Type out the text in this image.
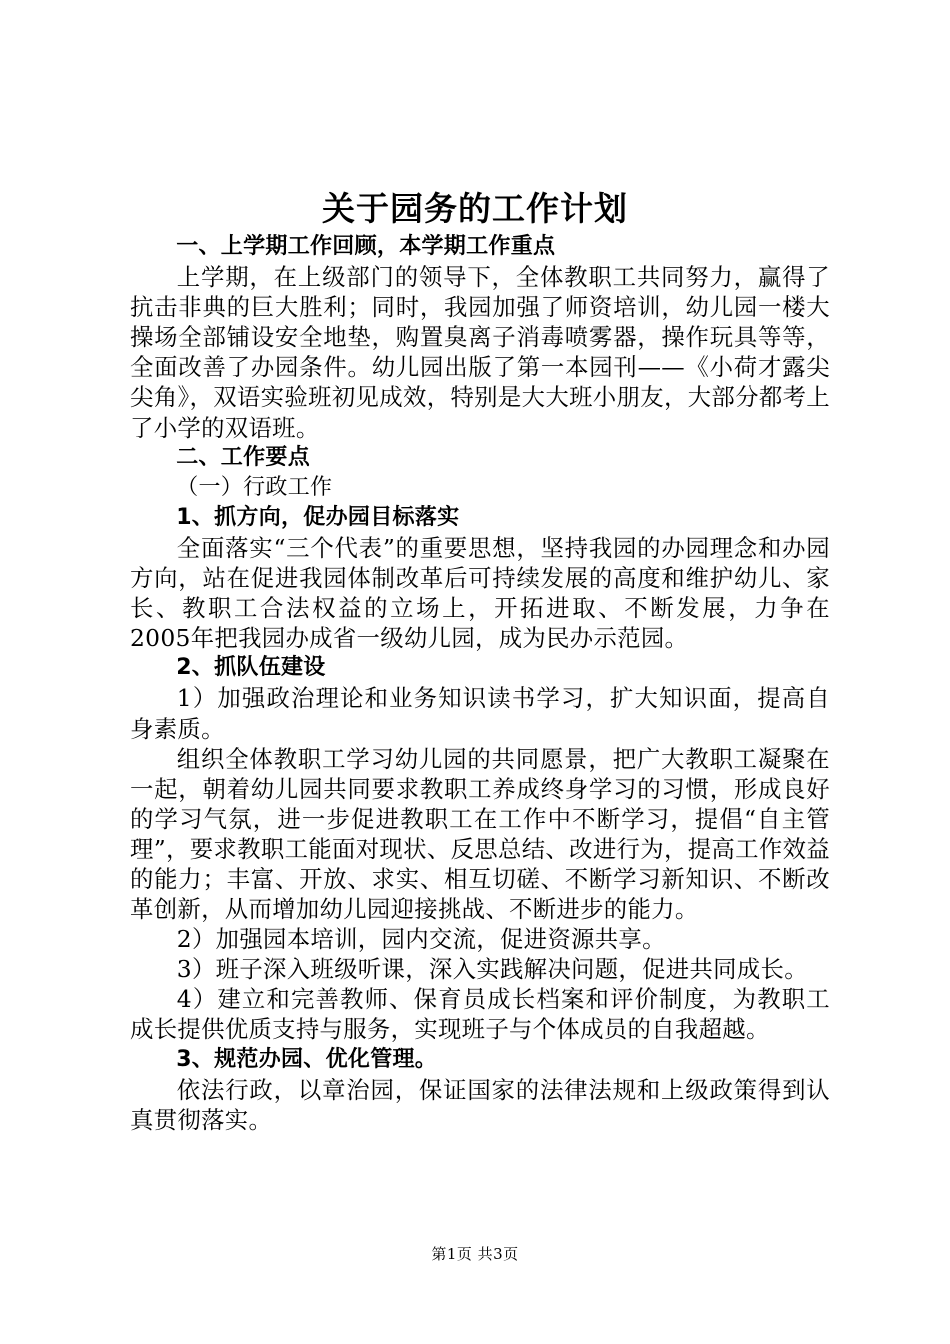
关于园务的工作计划

一、上学期工作回顾，本学期工作重点

上学期，在上级部门的领导下，全体教职工共同努力，赢得了抗击非典的巨大胜利；同时，我园加强了师资培训，幼儿园一楼大操场全部铺设安全地垫，购置臭离子消毒喷雾器，操作玩具等等，全面改善了办园条件。幼儿园出版了第一本园刊——《小荷才露尖尖角》，双语实验班初见成效，特别是大大班小朋友，大部分都考上了小学的双语班。

二、工作要点

（一）行政工作

1、抓方向，促办园目标落实

全面落实“三个代表”的重要思想，坚持我园的办园理念和办园方向，站在促进我园体制改革后可持续发展的高度和维护幼儿、家长、教职工合法权益的立场上，开拓进取、不断发展，力争在2005年把我园办成省一级幼儿园，成为民办示范园。

2、抓队伍建设

1）加强政治理论和业务知识读书学习，扩大知识面，提高自身素质。

组织全体教职工学习幼儿园的共同愿景，把广大教职工凝聚在一起，朝着幼儿园共同要求教职工养成终身学习的习惯，形成良好的学习气氛，进一步促进教职工在工作中不断学习，提倡“自主管理”，要求教职工能面对现状、反思总结、改进行为，提高工作效益的能力；丰富、开放、求实、相互切磋、不断学习新知识、不断改革创新，从而增加幼儿园迎接挑战、不断进步的能力。

2）加强园本培训，园内交流，促进资源共享。

3）班子深入班级听课，深入实践解决问题，促进共同成长。

4）建立和完善教师、保育员成长档案和评价制度，为教职工成长提供优质支持与服务，实现班子与个体成员的自我超越。

3、规范办园、优化管理。

依法行政，以章治园，保证国家的法律法规和上级政策得到认真贯彻落实。

第1页 共3页
